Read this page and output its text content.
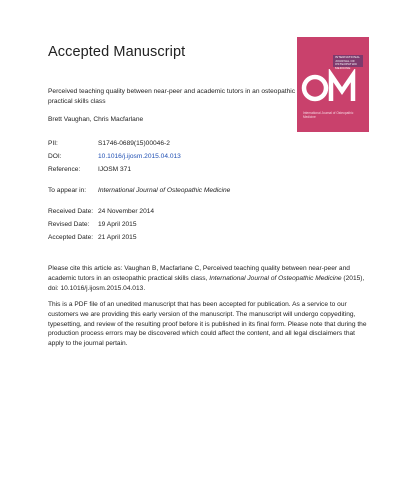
Accepted Manuscript
Perceived teaching quality between near-peer and academic tutors in an osteopathic practical skills class
Brett Vaughan, Chris Macfarlane
PII:	S1746-0689(15)00046-2
DOI:	10.1016/j.ijosm.2015.04.013
Reference:	IJOSM 371
To appear in: International Journal of Osteopathic Medicine
Received Date: 24 November 2014
Revised Date: 19 April 2015
Accepted Date: 21 April 2015
Please cite this article as: Vaughan B, Macfarlane C, Perceived teaching quality between near-peer and academic tutors in an osteopathic practical skills class, International Journal of Osteopathic Medicine (2015), doi: 10.1016/j.ijosm.2015.04.013.
This is a PDF file of an unedited manuscript that has been accepted for publication. As a service to our customers we are providing this early version of the manuscript. The manuscript will undergo copyediting, typesetting, and review of the resulting proof before it is published in its final form. Please note that during the production process errors may be discovered which could affect the content, and all legal disclaimers that apply to the journal pertain.
INTERNATIONAL JOURNAL OF OSTEOPATHIC MEDICINE
International Journal of Osteopathic Medicine
